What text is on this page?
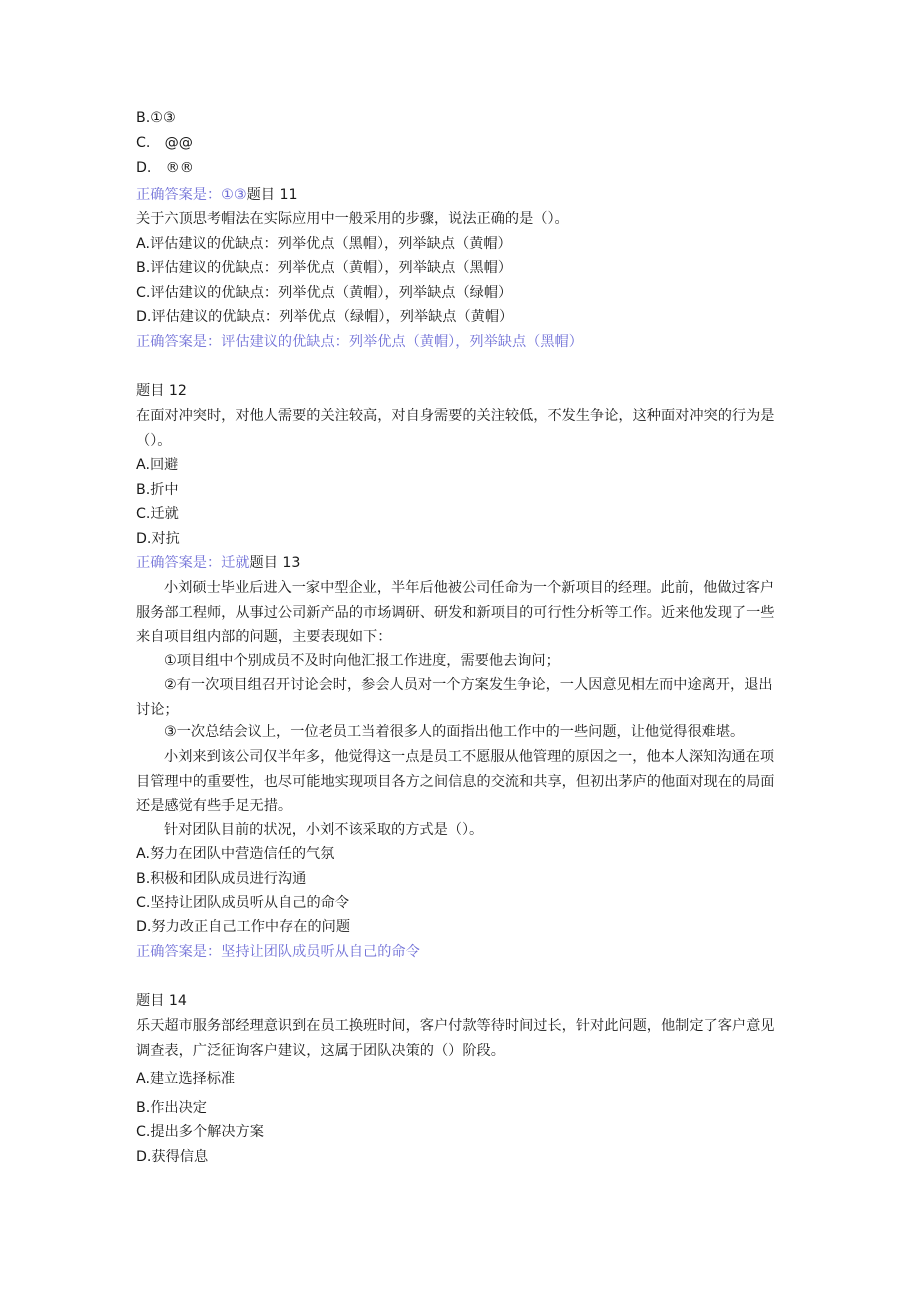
B.①③
C.　@@
D.　®®
正确答案是：①③题目 11
关于六顶思考帽法在实际应用中一般采用的步骤，说法正确的是（）。
A.评估建议的优缺点：列举优点（黑帽），列举缺点（黄帽）
B.评估建议的优缺点：列举优点（黄帽），列举缺点（黑帽）
C.评估建议的优缺点：列举优点（黄帽），列举缺点（绿帽）
D.评估建议的优缺点：列举优点（绿帽），列举缺点（黄帽）
正确答案是：评估建议的优缺点：列举优点（黄帽），列举缺点（黑帽）
题目 12
在面对冲突时，对他人需要的关注较高，对自身需要的关注较低，不发生争论，这种面对冲突的行为是（）。
A.回避
B.折中
C.迁就
D.对抗
正确答案是：迁就题目 13
小刘硕士毕业后进入一家中型企业，半年后他被公司任命为一个新项目的经理。此前，他做过客户服务部工程师，从事过公司新产品的市场调研、研发和新项目的可行性分析等工作。近来他发现了一些来自项目组内部的问题，主要表现如下：
①项目组中个别成员不及时向他汇报工作进度，需要他去询问；
②有一次项目组召开讨论会时，参会人员对一个方案发生争论，一人因意见相左而中途离开，退出讨论；
③一次总结会议上，一位老员工当着很多人的面指出他工作中的一些问题，让他觉得很难堪。
小刘来到该公司仅半年多，他觉得这一点是员工不愿服从他管理的原因之一，他本人深知沟通在项目管理中的重要性，也尽可能地实现项目各方之间信息的交流和共享，但初出茅庐的他面对现在的局面还是感觉有些手足无措。
针对团队目前的状况，小刘不该采取的方式是（）。
A.努力在团队中营造信任的气氛
B.积极和团队成员进行沟通
C.坚持让团队成员听从自己的命令
D.努力改正自己工作中存在的问题
正确答案是：坚持让团队成员听从自己的命令
题目 14
乐天超市服务部经理意识到在员工换班时间，客户付款等待时间过长，针对此问题，他制定了客户意见调查表，广泛征询客户建议，这属于团队决策的（）阶段。
A.建立选择标准
B.作出决定
C.提出多个解决方案
D.获得信息
